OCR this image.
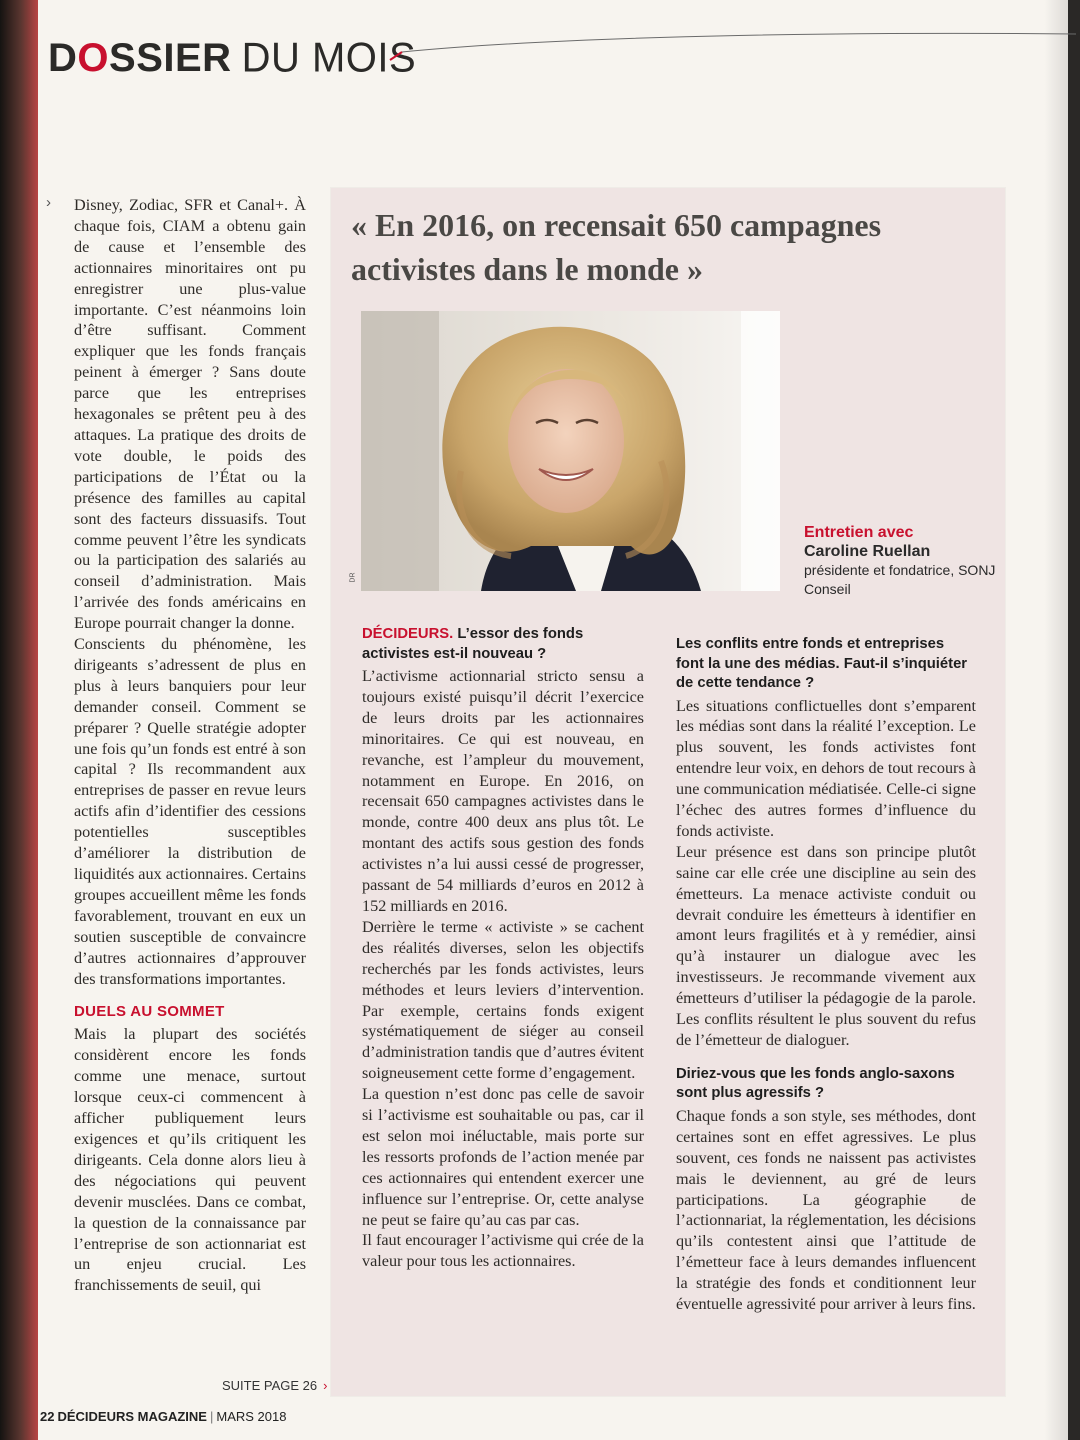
DOSSIER DU MOIS
› Disney, Zodiac, SFR et Canal+. À chaque fois, CIAM a obtenu gain de cause et l’ensemble des actionnaires minoritaires ont pu enregistrer une plus-value importante. C’est néanmoins loin d’être suffisant. Comment expliquer que les fonds français peinent à émerger ? Sans doute parce que les entreprises hexagonales se prêtent peu à des attaques. La pratique des droits de vote double, le poids des participations de l’État ou la présence des familles au capital sont des facteurs dissuasifs. Tout comme peuvent l’être les syndicats ou la participation des salariés au conseil d’administration. Mais l’arrivée des fonds américains en Europe pourrait changer la donne.

Conscients du phénomène, les dirigeants s’adressent de plus en plus à leurs banquiers pour leur demander conseil. Comment se préparer ? Quelle stratégie adopter une fois qu’un fonds est entré à son capital ? Ils recommandent aux entreprises de passer en revue leurs actifs afin d’identifier des cessions potentielles susceptibles d’améliorer la distribution de liquidités aux actionnaires. Certains groupes accueillent même les fonds favorablement, trouvant en eux un soutien susceptible de convaincre d’autres actionnaires d’approuver des transformations importantes.

DUELS AU SOMMET

Mais la plupart des sociétés considèrent encore les fonds comme une menace, surtout lorsque ceux-ci commencent à afficher publiquement leurs exigences et qu’ils critiquent les dirigeants. Cela donne alors lieu à des négociations qui peuvent devenir musclées. Dans ce combat, la question de la connaissance par l’entreprise de son actionnariat est un enjeu crucial. Les franchissements de seuil, qui

SUITE PAGE 26 ›
22 DÉCIDEURS MAGAZINE | MARS 2018
« En 2016, on recensait 650 campagnes activistes dans le monde »
DR
Entretien avec
Caroline Ruellan
présidente et fondatrice, SONJ Conseil

DÉCIDEURS. L’essor des fonds activistes est-il nouveau ?

L’activisme actionnarial stricto sensu a toujours existé puisqu’il décrit l’exercice de leurs droits par les actionnaires minoritaires. Ce qui est nouveau, en revanche, est l’ampleur du mouvement, notamment en Europe. En 2016, on recensait 650 campagnes activistes dans le monde, contre 400 deux ans plus tôt. Le montant des actifs sous gestion des fonds activistes n’a lui aussi cessé de progresser, passant de 54 milliards d’euros en 2012 à 152 milliards en 2016.

Derrière le terme « activiste » se cachent des réalités diverses, selon les objectifs recherchés par les fonds activistes, leurs méthodes et leurs leviers d’intervention. Par exemple, certains fonds exigent systématiquement de siéger au conseil d’administration tandis que d’autres évitent soigneusement cette forme d’engagement.

La question n’est donc pas celle de savoir si l’activisme est souhaitable ou pas, car il est selon moi inéluctable, mais porte sur les ressorts profonds de l’action menée par ces actionnaires qui entendent exercer une influence sur l’entreprise. Or, cette analyse ne peut se faire qu’au cas par cas.

Il faut encourager l’activisme qui crée de la valeur pour tous les actionnaires.

Les conflits entre fonds et entreprises font la une des médias. Faut-il s’inquiéter de cette tendance ?

Les situations conflictuelles dont s’emparent les médias sont dans la réalité l’exception. Le plus souvent, les fonds activistes font entendre leur voix, en dehors de tout recours à une communication médiatisée. Celle-ci signe l’échec des autres formes d’influence du fonds activiste.

Leur présence est dans son principe plutôt saine car elle crée une discipline au sein des émetteurs. La menace activiste conduit ou devrait conduire les émetteurs à identifier en amont leurs fragilités et à y remédier, ainsi qu’à instaurer un dialogue avec les investisseurs. Je recommande vivement aux émetteurs d’utiliser la pédagogie de la parole. Les conflits résultent le plus souvent du refus de l’émetteur de dialoguer.

Diriez-vous que les fonds anglo-saxons sont plus agressifs ?

Chaque fonds a son style, ses méthodes, dont certaines sont en effet agressives. Le plus souvent, ces fonds ne naissent pas activistes mais le deviennent, au gré de leurs participations. La géographie de l’actionnariat, la réglementation, les décisions qu’ils contestent ainsi que l’attitude de l’émetteur face à leurs demandes influencent la stratégie des fonds et conditionnent leur éventuelle agressivité pour arriver à leurs fins.
